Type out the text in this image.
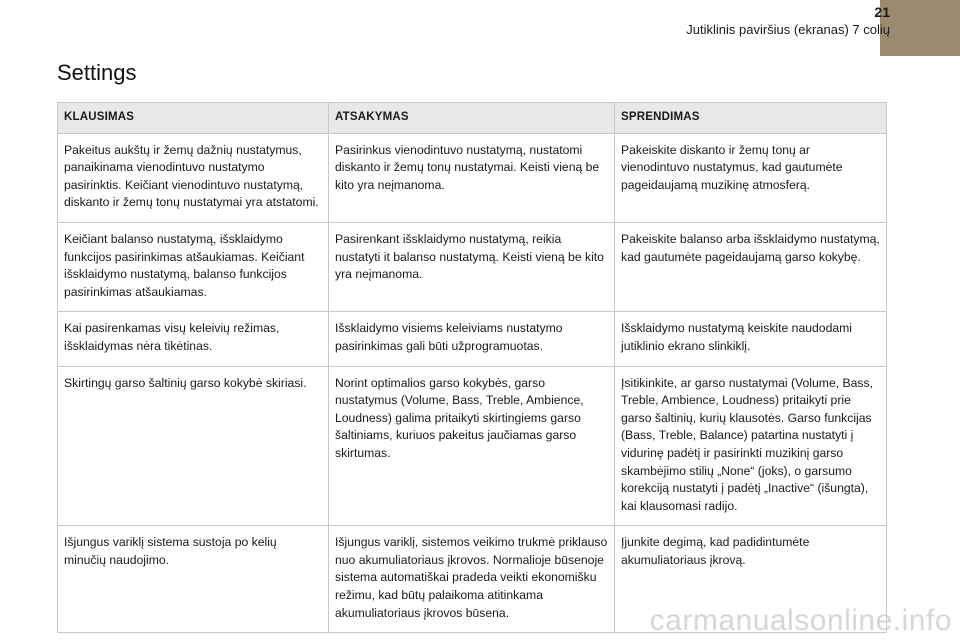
21
Jutiklinis paviršius (ekranas) 7 colių
Settings
KLAUSIMAS	ATSAKYMAS	SPRENDIMAS
Pakeitus aukštų ir žemų dažnių nustatymus, panaikinama vienodintuvo nustatymo pasirinktis. Keičiant vienodintuvo nustatymą, diskanto ir žemų tonų nustatymai yra atstatomi.	Pasirinkus vienodintuvo nustatymą, nustatomi diskanto ir žemų tonų nustatymai. Keisti vieną be kito yra neįmanoma.	Pakeiskite diskanto ir žemų tonų ar vienodintuvo nustatymus, kad gautumėte pageidaujamą muzikinę atmosferą.
Keičiant balanso nustatymą, išsklaidymo funkcijos pasirinkimas atšaukiamas. Keičiant išsklaidymo nustatymą, balanso funkcijos pasirinkimas atšaukiamas.	Pasirenkant išsklaidymo nustatymą, reikia nustatyti it balanso nustatymą. Keisti vieną be kito yra neįmanoma.	Pakeiskite balanso arba išsklaidymo nustatymą, kad gautumėte pageidaujamą garso kokybę.
Kai pasirenkamas visų keleivių režimas, išsklaidymas nėra tikėtinas.	Išsklaidymo visiems keleiviams nustatymo pasirinkimas gali būti užprogramuotas.	Išsklaidymo nustatymą keiskite naudodami jutiklinio ekrano slinkiklį.
Skirtingų garso šaltinių garso kokybė skiriasi.	Norint optimalios garso kokybės, garso nustatymus (Volume, Bass, Treble, Ambience, Loudness) galima pritaikyti skirtingiems garso šaltiniams, kuriuos pakeitus jaučiamas garso skirtumas.	Įsitikinkite, ar garso nustatymai (Volume, Bass, Treble, Ambience, Loudness) pritaikyti prie garso šaltinių, kurių klausotės. Garso funkcijas (Bass, Treble, Balance) patartina nustatyti į vidurinę padėtį ir pasirinkti muzikinį garso skambėjimo stilių „None“ (joks), o garsumo korekciją nustatyti į padėtį „Inactive“ (išungta), kai klausomasi radijo.
Išjungus variklį sistema sustoja po kelių minučių naudojimo.	Išjungus variklį, sistemos veikimo trukmė priklauso nuo akumuliatoriaus įkrovos. Normalioje būsenoje sistema automatiškai pradeda veikti ekonomišku režimu, kad būtų palaikoma atitinkama akumuliatoriaus įkrovos būsena.	Įjunkite degimą, kad padidintumėte akumuliatoriaus įkrovą.
carmanualsonline.info
